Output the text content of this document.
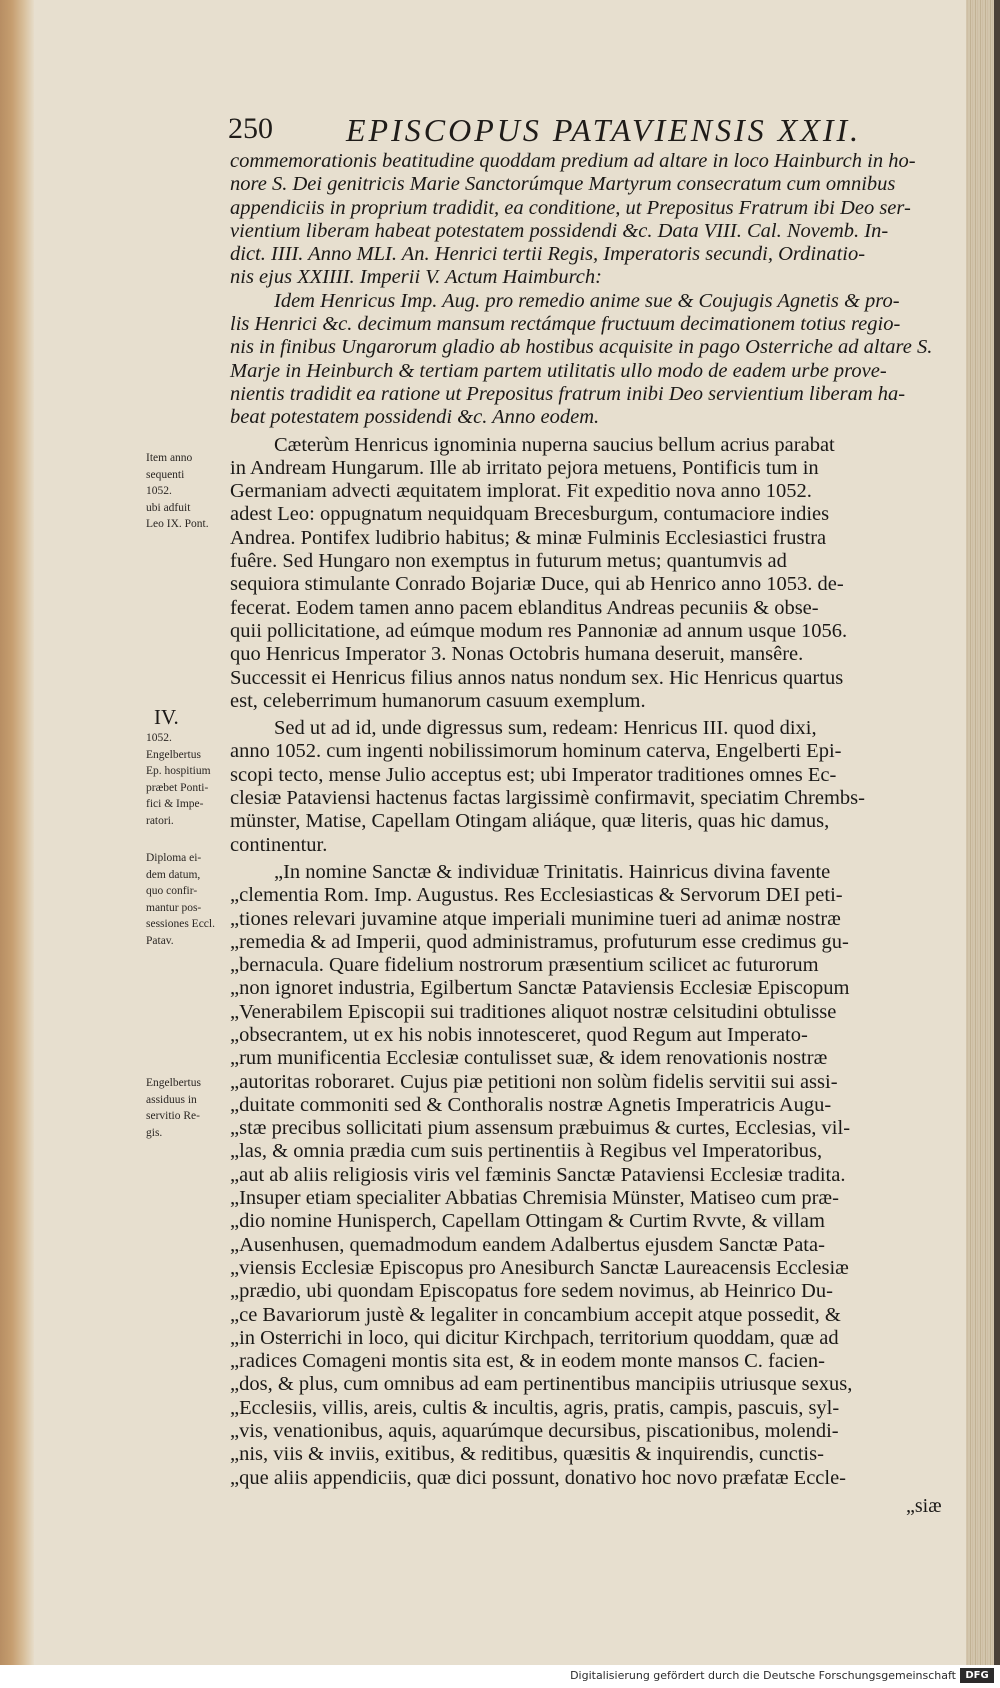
250 EPISCOPUS PATAVIENSIS XXII.
commemorationis beatitudine quoddam predium ad altare in loco Hainburch in ho-
nore S. Dei genitricis Marie Sanctorúmque Martyrum consecratum cum omnibus
appendiciis in proprium tradidit, ea conditione, ut Prepositus Fratrum ibi Deo ser-
vientium liberam habeat potestatem possidendi &c. Data VIII. Cal. Novemb. In-
dict. IIII. Anno MLI. An. Henrici tertii Regis, Imperatoris secundi, Ordinatio-
nis ejus XXIIII. Imperii V. Actum Haimburch:
Idem Henricus Imp. Aug. pro remedio anime sue & Coujugis Agnetis & pro-
lis Henrici &c. decimum mansum rectámque fructuum decimationem totius regio-
nis in finibus Ungarorum gladio ab hostibus acquisite in pago Osterriche ad altare S.
Marje in Heinburch & tertiam partem utilitatis ullo modo de eadem urbe prove-
nientis tradidit ea ratione ut Prepositus fratrum inibi Deo servientium liberam ha-
beat potestatem possidendi &c. Anno eodem.
Cæterùm Henricus ignominia nuperna saucius bellum acrius parabat
in Andream Hungarum. Ille ab irritato pejora metuens, Pontificis tum in
Germaniam advecti æquitatem implorat. Fit expeditio nova anno 1052.
adest Leo: oppugnatum nequidquam Brecesburgum, contumaciore indies
Andrea. Pontifex ludibrio habitus; & minæ Fulminis Ecclesiastici frustra
fuêre. Sed Hungaro non exemptus in futurum metus; quantumvis ad
sequiora stimulante Conrado Bojariæ Duce, qui ab Henrico anno 1053. de-
fecerat. Eodem tamen anno pacem eblanditus Andreas pecuniis & obse-
quii pollicitatione, ad eúmque modum res Pannoniæ ad annum usque 1056.
quo Henricus Imperator 3. Nonas Octobris humana deseruit, mansêre.
Successit ei Henricus filius annos natus nondum sex. Hic Henricus quartus
est, celeberrimum humanorum casuum exemplum.
Sed ut ad id, unde digressus sum, redeam: Henricus III. quod dixi,
anno 1052. cum ingenti nobilissimorum hominum caterva, Engelberti Epi-
scopi tecto, mense Julio acceptus est; ubi Imperator traditiones omnes Ec-
clesiæ Pataviensi hactenus factas largissimè confirmavit, speciatim Chrembs-
münster, Matise, Capellam Otingam aliáque, quæ literis, quas hic damus,
continentur.
„In nomine Sanctæ & individuæ Trinitatis. Hainricus divina favente
„clementia Rom. Imp. Augustus. Res Ecclesiasticas & Servorum DEI peti-
„tiones relevari juvamine atque imperiali munimine tueri ad animæ nostræ
„remedia & ad Imperii, quod administramus, profuturum esse credimus gu-
„bernacula. Quare fidelium nostrorum præsentium scilicet ac futurorum
„non ignoret industria, Egilbertum Sanctæ Pataviensis Ecclesiæ Episcopum
„Venerabilem Episcopii sui traditiones aliquot nostræ celsitudini obtulisse
„obsecrantem, ut ex his nobis innotesceret, quod Regum aut Imperato-
„rum munificentia Ecclesiæ contulisset suæ, & idem renovationis nostræ
„autoritas roboraret. Cujus piæ petitioni non solùm fidelis servitii sui assi-
„duitate commoniti sed & Conthoralis nostræ Agnetis Imperatricis Augu-
„stæ precibus sollicitati pium assensum præbuimus & curtes, Ecclesias, vil-
„las, & omnia prædia cum suis pertinentiis à Regibus vel Imperatoribus,
„aut ab aliis religiosis viris vel fæminis Sanctæ Pataviensi Ecclesiæ tradita.
„Insuper etiam specialiter Abbatias Chremisia Münster, Matiseo cum præ-
„dio nomine Hunisperch, Capellam Ottingam & Curtim Rvvte, & villam
„Ausenhusen, quemadmodum eandem Adalbertus ejusdem Sanctæ Pata-
„viensis Ecclesiæ Episcopus pro Anesiburch Sanctæ Laureacensis Ecclesiæ
„prædio, ubi quondam Episcopatus fore sedem novimus, ab Heinrico Du-
„ce Bavariorum justè & legaliter in concambium accepit atque possedit, &
„in Osterrichi in loco, qui dicitur Kirchpach, territorium quoddam, quæ ad
„radices Comageni montis sita est, & in eodem monte mansos C. facien-
„dos, & plus, cum omnibus ad eam pertinentibus mancipiis utriusque sexus,
„Ecclesiis, villis, areis, cultis & incultis, agris, pratis, campis, pascuis, syl-
„vis, venationibus, aquis, aquarúmque decursibus, piscationibus, molendi-
„nis, viis & inviis, exitibus, & reditibus, quæsitis & inquirendis, cunctis-
„que aliis appendiciis, quæ dici possunt, donativo hoc novo præfatæ Eccle-
Item anno
sequenti
1052.
ubi adfuit
Leo IX. Pont.
IV.
1052.
Engelbertus
Ep. hospitium
præbet Ponti-
fici & Impe-
ratori.
Diploma ei-
dem datum,
quo confir-
mantur pos-
sessiones Eccl.
Patav.
Engelbertus
assiduus in
servitio Re-
gis.
„siæ
Digitalisierung gefördert durch die Deutsche Forschungsgemeinschaft DFG
